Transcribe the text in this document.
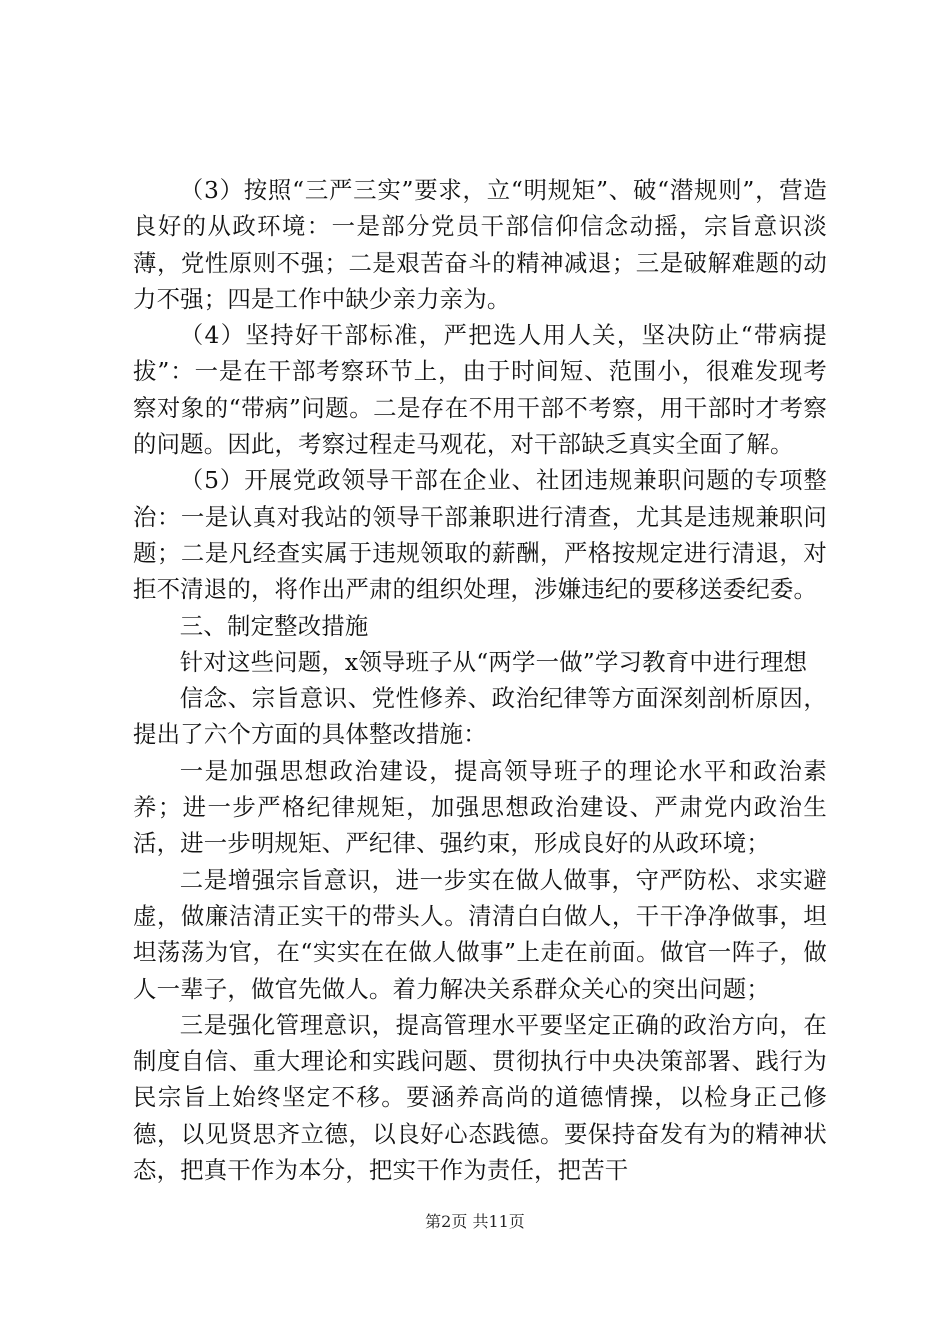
（3）按照“三严三实”要求，立“明规矩”、破“潜规则”，营造良好的从政环境：一是部分党员干部信仰信念动摇，宗旨意识淡薄，党性原则不强；二是艰苦奋斗的精神减退；三是破解难题的动力不强；四是工作中缺少亲力亲为。

（4）坚持好干部标准，严把选人用人关，坚决防止“带病提拔”：一是在干部考察环节上，由于时间短、范围小，很难发现考察对象的“带病”问题。二是存在不用干部不考察，用干部时才考察的问题。因此，考察过程走马观花，对干部缺乏真实全面了解。

（5）开展党政领导干部在企业、社团违规兼职问题的专项整治：一是认真对我站的领导干部兼职进行清查，尤其是违规兼职问题；二是凡经查实属于违规领取的薪酬，严格按规定进行清退，对拒不清退的，将作出严肃的组织处理，涉嫌违纪的要移送委纪委。

三、制定整改措施

针对这些问题，x领导班子从“两学一做”学习教育中进行理想

信念、宗旨意识、党性修养、政治纪律等方面深刻剖析原因，提出了六个方面的具体整改措施：

一是加强思想政治建设，提高领导班子的理论水平和政治素养；进一步严格纪律规矩，加强思想政治建设、严肃党内政治生活，进一步明规矩、严纪律、强约束，形成良好的从政环境；

二是增强宗旨意识，进一步实在做人做事，守严防松、求实避虚，做廉洁清正实干的带头人。清清白白做人，干干净净做事，坦坦荡荡为官，在“实实在在做人做事”上走在前面。做官一阵子，做人一辈子，做官先做人。着力解决关系群众关心的突出问题；

三是强化管理意识，提高管理水平要坚定正确的政治方向，在制度自信、重大理论和实践问题、贯彻执行中央决策部署、践行为民宗旨上始终坚定不移。要涵养高尚的道德情操，以检身正己修德，以见贤思齐立德，以良好心态践德。要保持奋发有为的精神状态，把真干作为本分，把实干作为责任，把苦干

第2页 共11页
